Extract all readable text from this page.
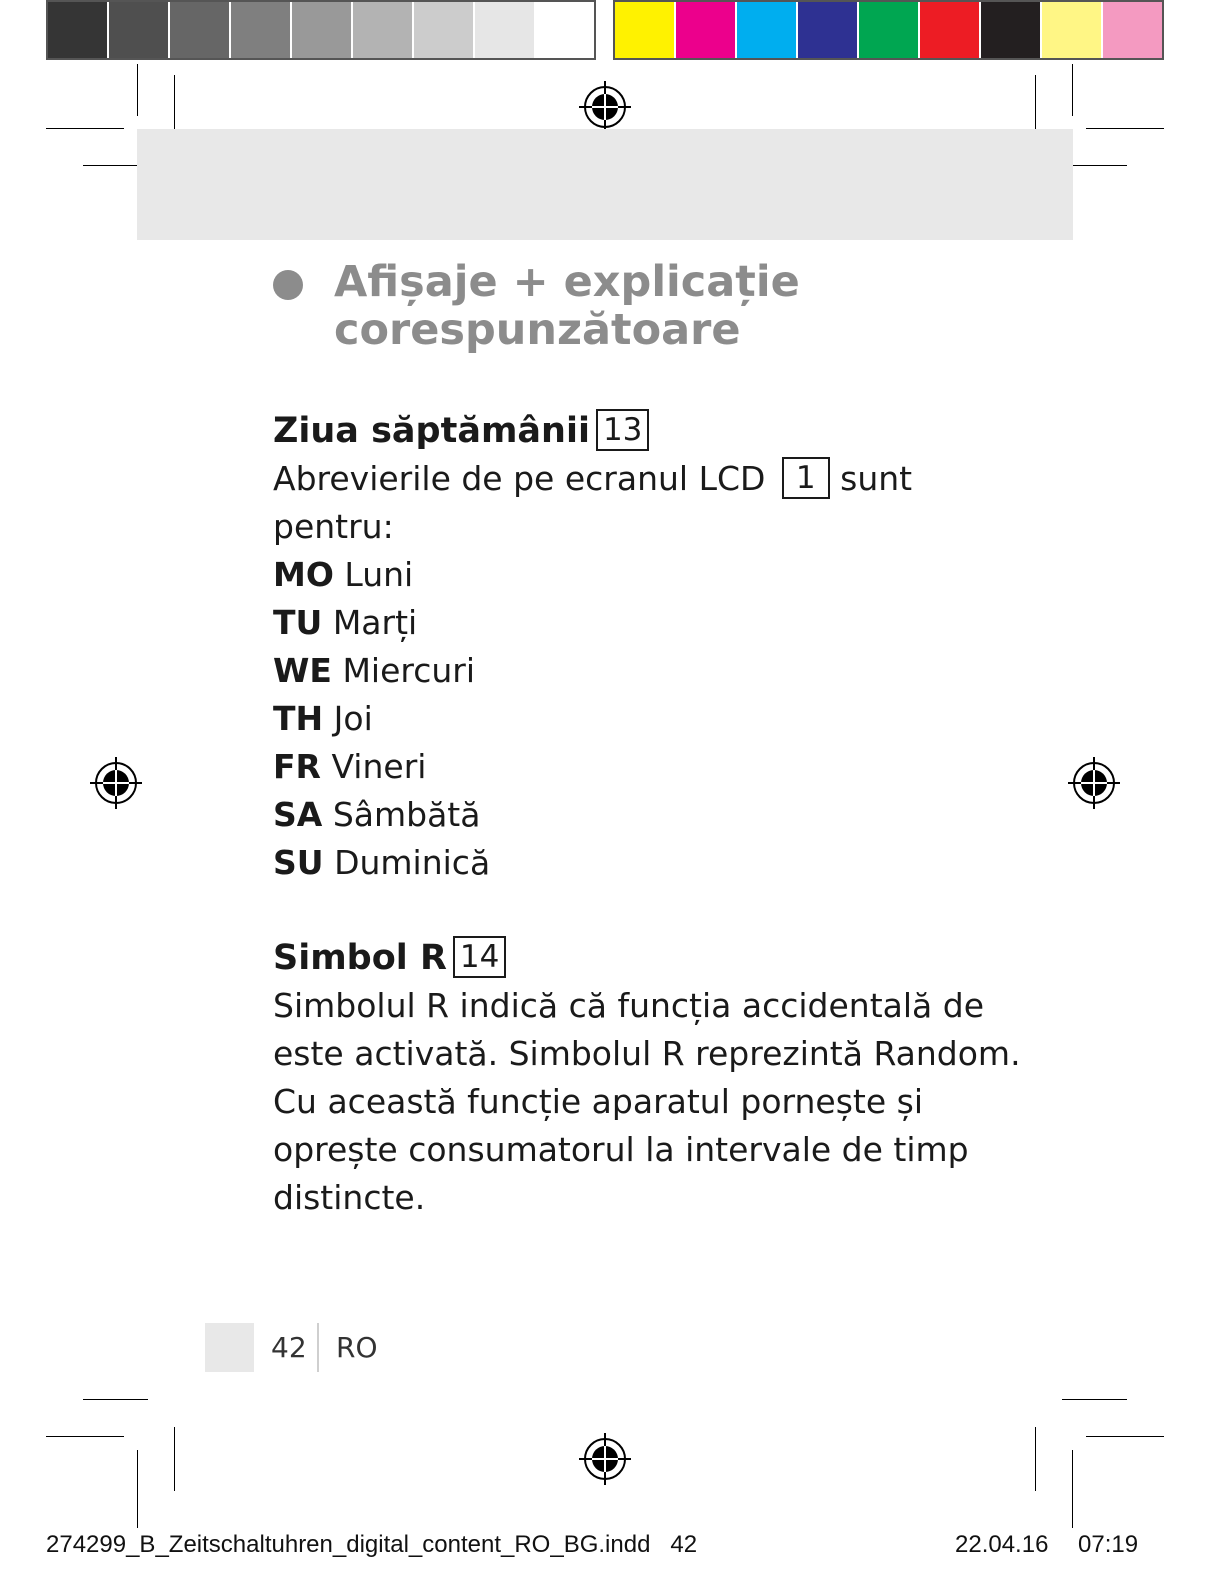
Afișaje + explicație
corespunzătoare
Ziua săptămânii 13
Abrevierile de pe ecranul LCD 1 sunt
pentru:
MO Luni
TU Marți
WE Miercuri
TH Joi
FR Vineri
SA Sâmbătă
SU Duminică
Simbol R 14
Simbolul R indică că funcția accidentală de
este activată. Simbolul R reprezintă Random.
Cu această funcție aparatul pornește și
oprește consumatorul la intervale de timp
distincte.
42 RO
274299_B_Zeitschaltuhren_digital_content_RO_BG.indd   42	22.04.16 07:19
